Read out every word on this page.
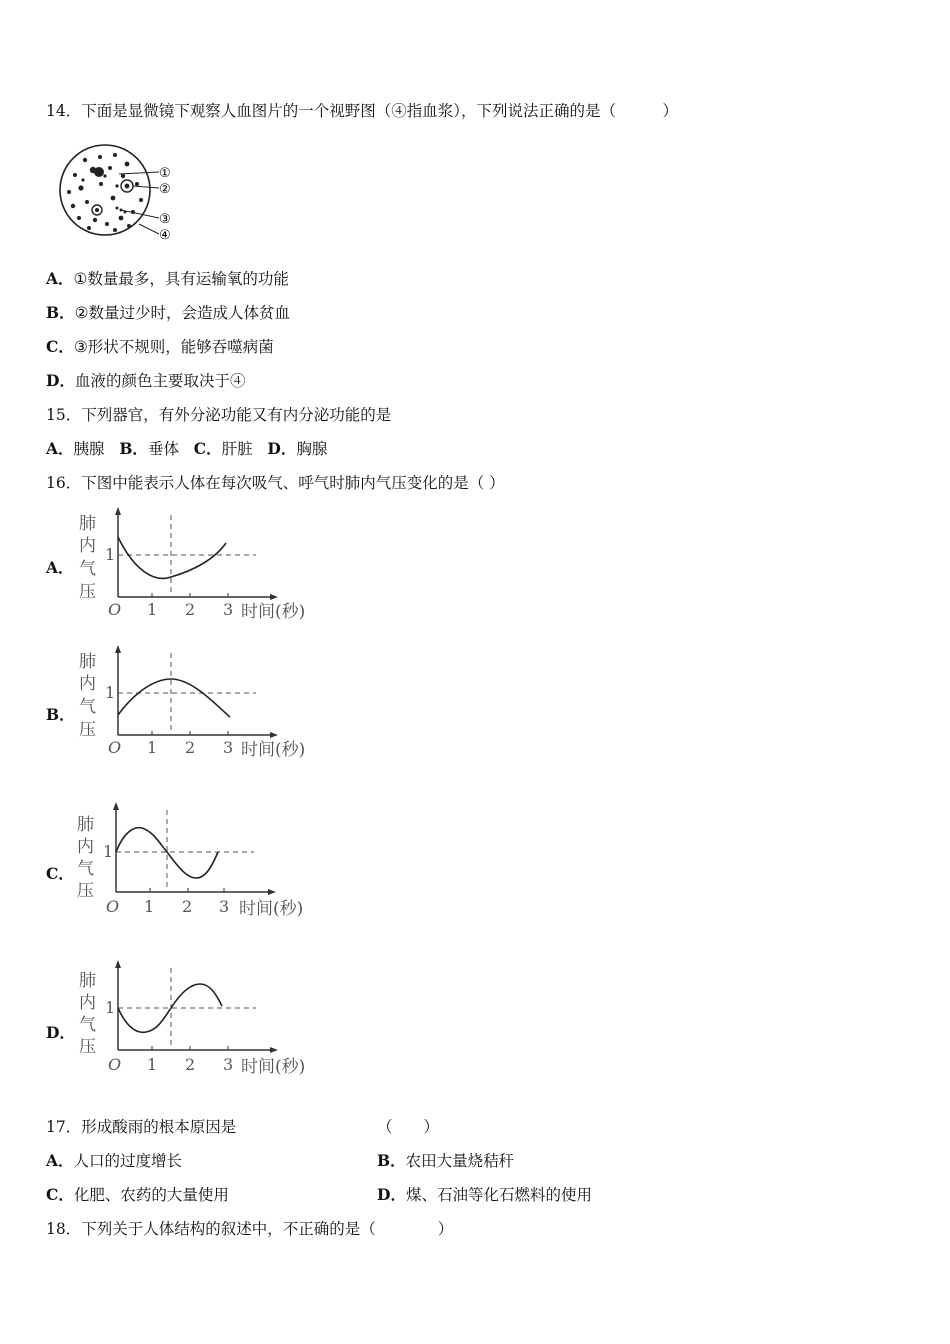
14．下面是显微镜下观察人血图片的一个视野图（④指血浆），下列说法正确的是（　　　）
①
②
③
④
A．①数量最多，具有运输氧的功能
B．②数量过少时，会造成人体贫血
C．③形状不规则，能够吞噬病菌
D．血液的颜色主要取决于④
15．下列器官，有外分泌功能又有内分泌功能的是
A．胰腺 B．垂体 C．肝脏 D．胸腺
16．下图中能表示人体在每次吸气、呼气时肺内气压变化的是（ ）
A．
B．
C．
D．
肺
内
气
压
1
O 1 2 3 时间(秒)
肺
内
气
压
1
O 1 2 3 时间(秒)
肺
内
气
压
1
O 1 2 3 时间(秒)
肺
内
气
压
1
O 1 2 3 时间(秒)
17．形成酸雨的根本原因是	（　　）
A．人口的过度增长	B．农田大量烧秸秆
C．化肥、农药的大量使用	D．煤、石油等化石燃料的使用
18．下列关于人体结构的叙述中，不正确的是（　　　　）
